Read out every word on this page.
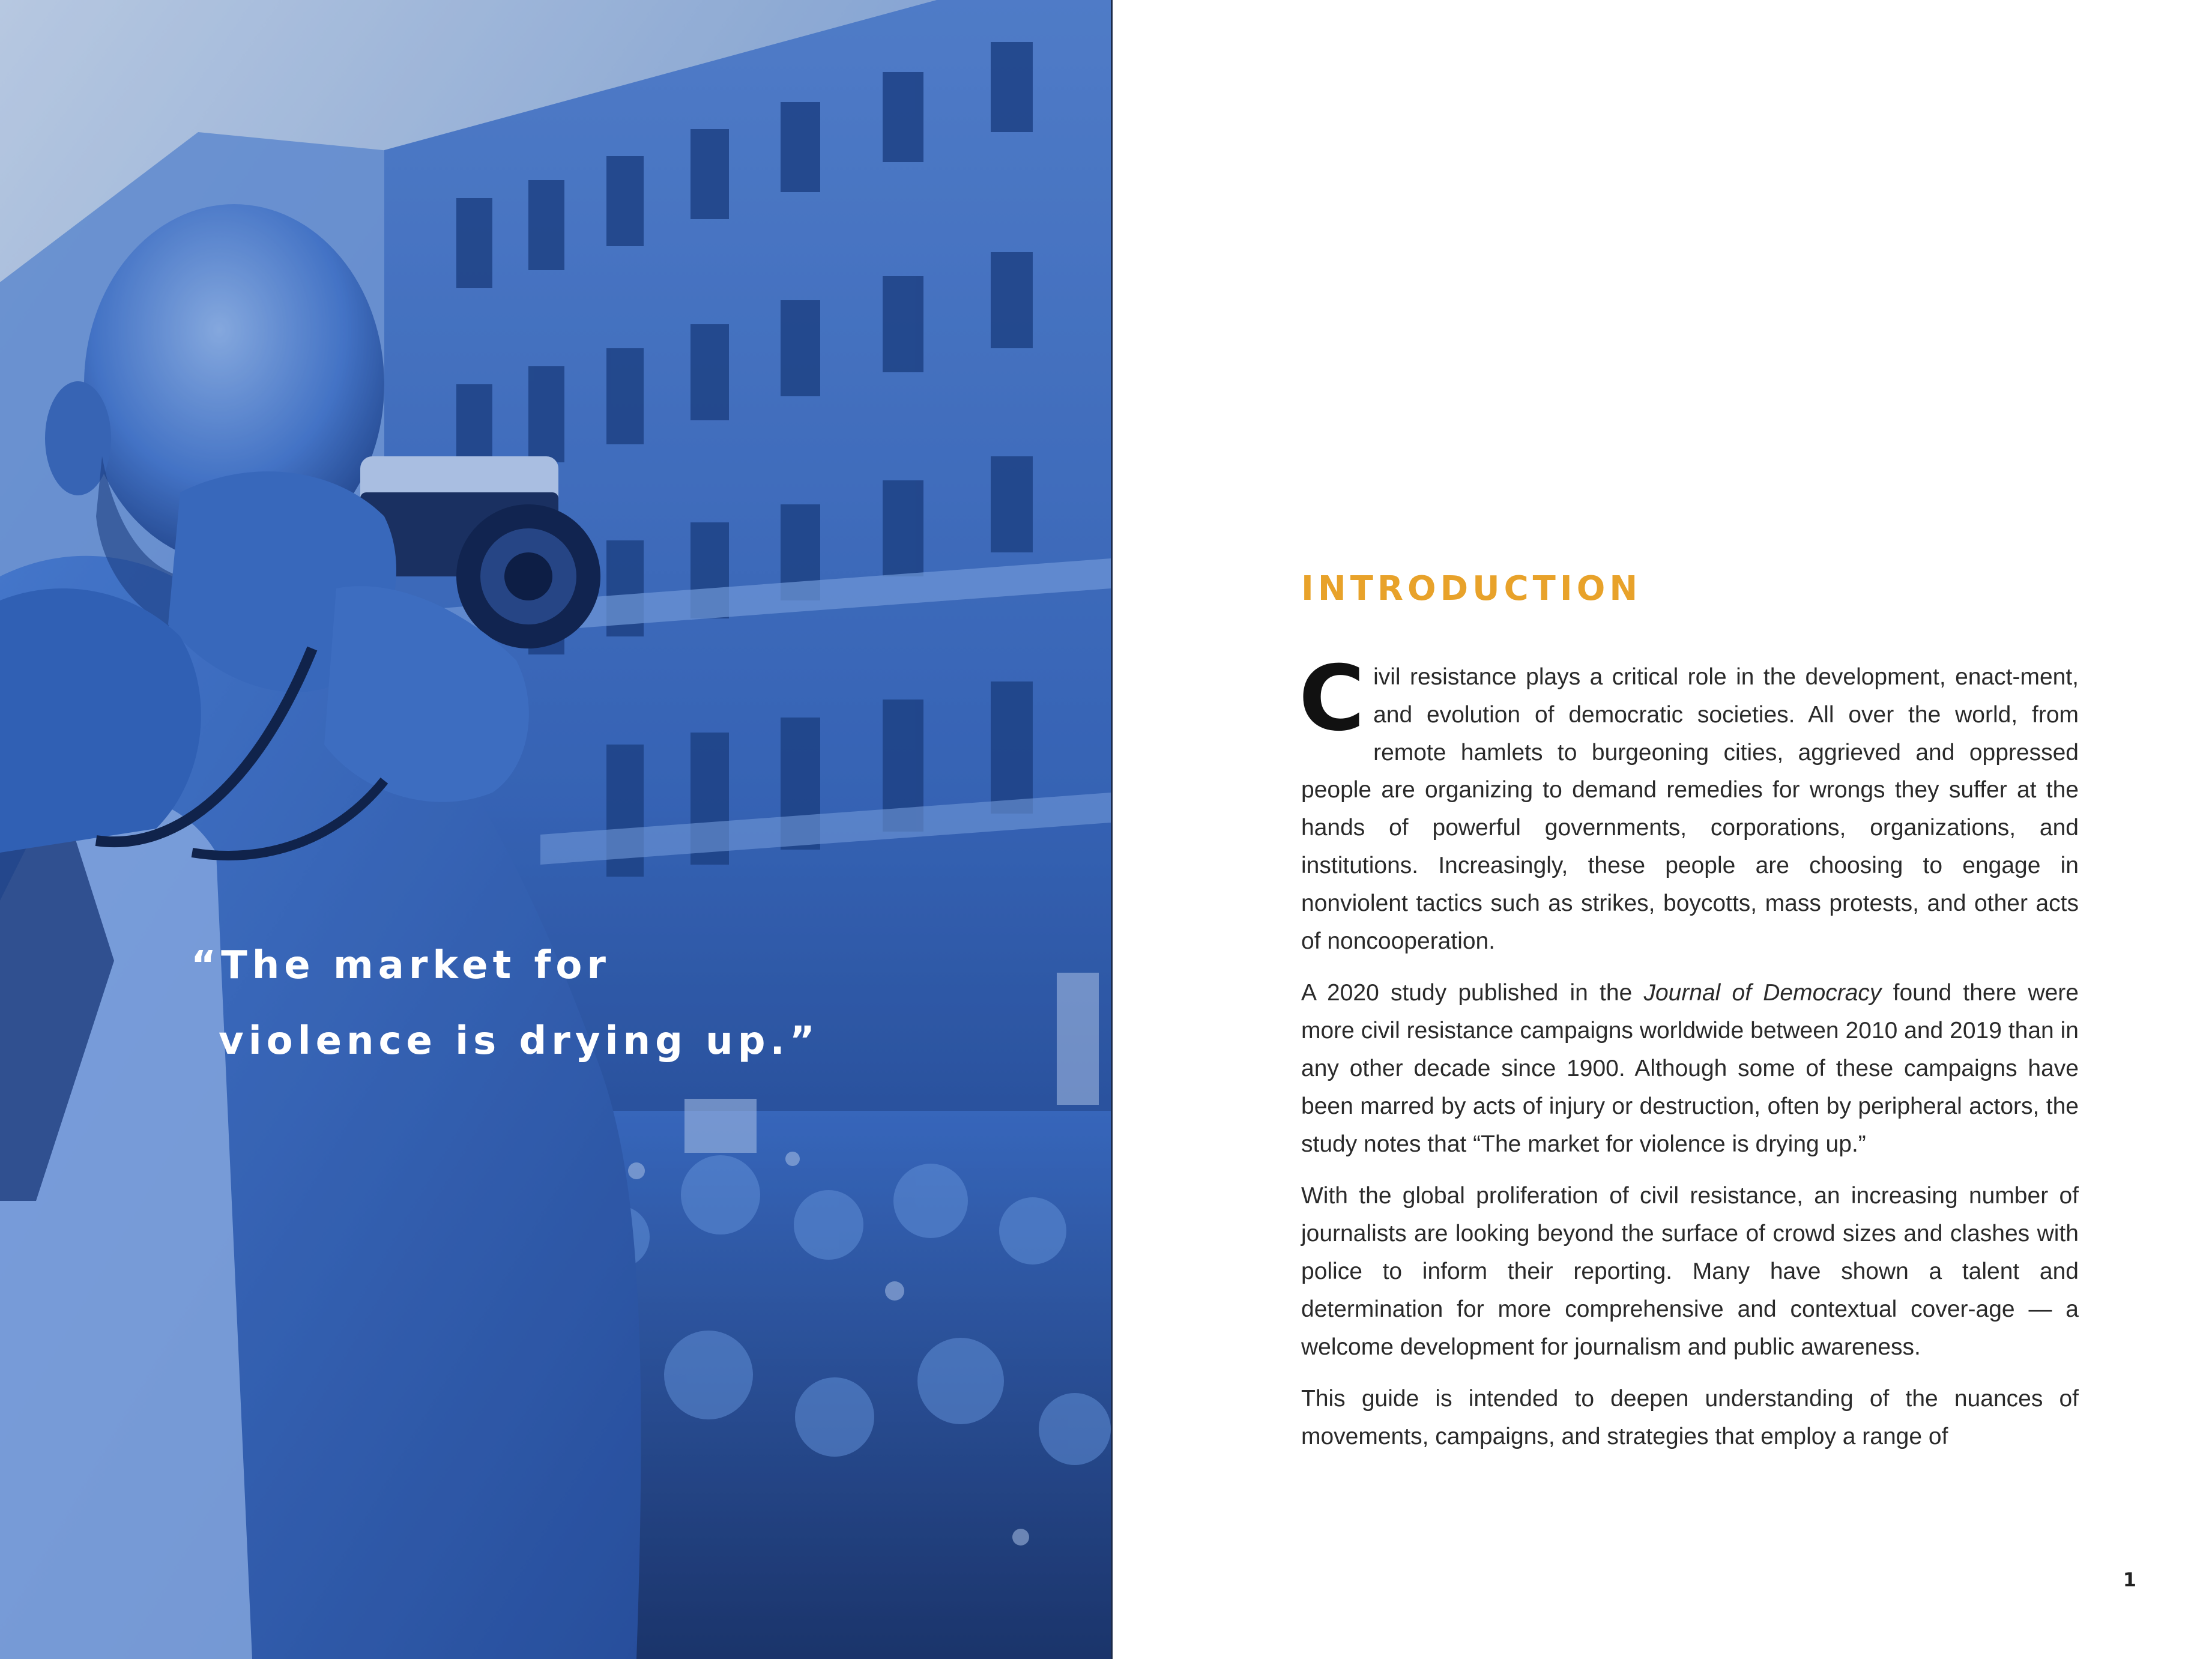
“The market for
violence is drying up.”

INTRODUCTION

Civil resistance plays a critical role in the development, enact-ment, and evolution of democratic societies. All over the world, from remote hamlets to burgeoning cities, aggrieved and oppressed people are organizing to demand remedies for wrongs they suffer at the hands of powerful governments, corporations, organizations, and institutions. Increasingly, these people are choosing to engage in nonviolent tactics such as strikes, boycotts, mass protests, and other acts of noncooperation.

A 2020 study published in the Journal of Democracy found there were more civil resistance campaigns worldwide between 2010 and 2019 than in any other decade since 1900. Although some of these campaigns have been marred by acts of injury or destruction, often by peripheral actors, the study notes that “The market for violence is drying up.”

With the global proliferation of civil resistance, an increasing number of journalists are looking beyond the surface of crowd sizes and clashes with police to inform their reporting. Many have shown a talent and determination for more comprehensive and contextual cover-age — a welcome development for journalism and public awareness.

This guide is intended to deepen understanding of the nuances of movements, campaigns, and strategies that employ a range of

1
